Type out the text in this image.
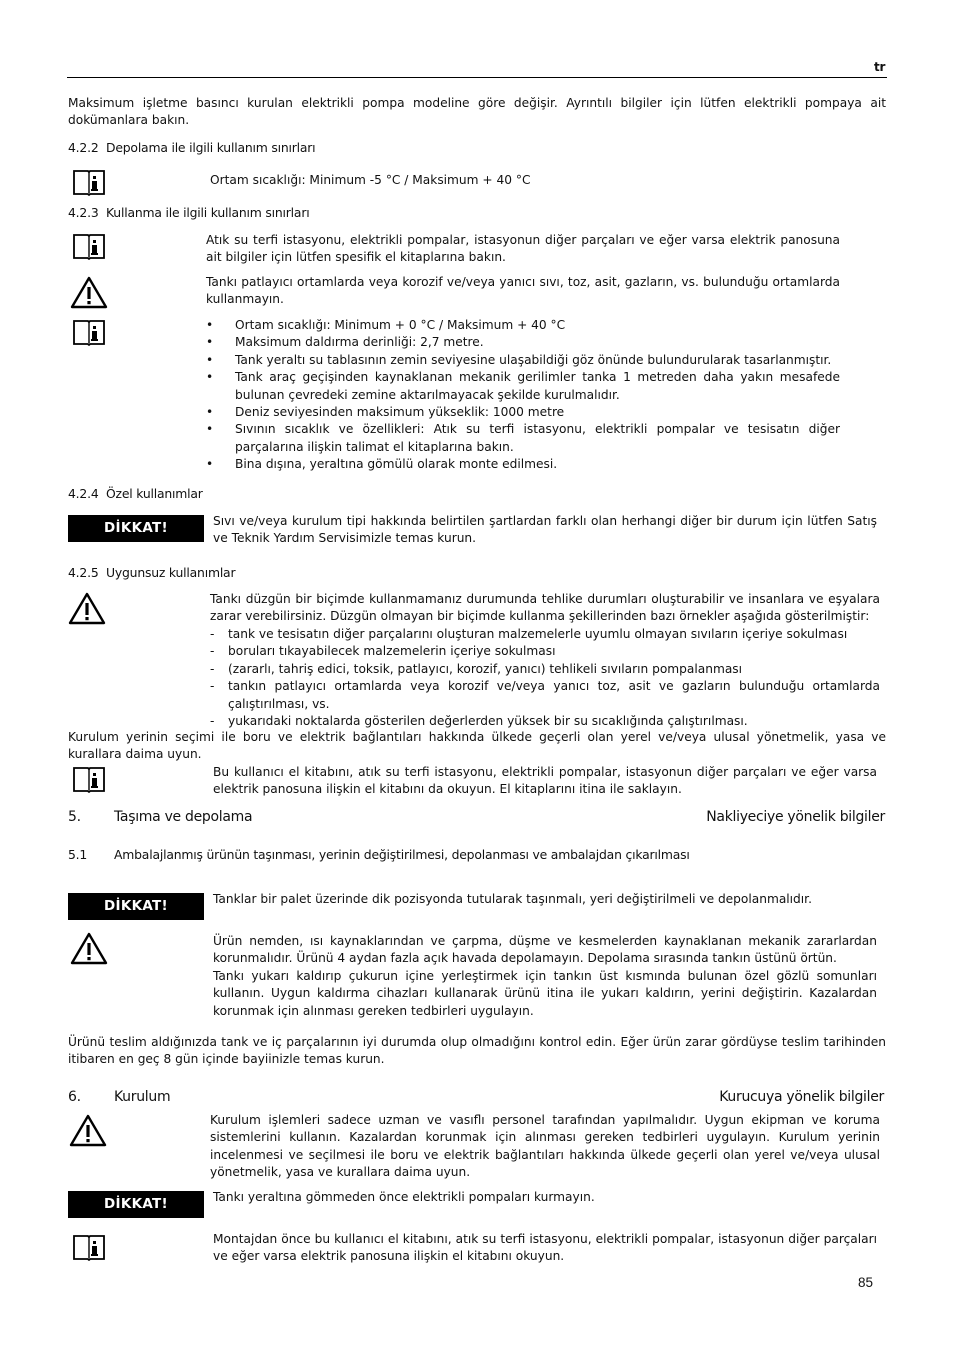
tr
Maksimum işletme basıncı kurulan elektrikli pompa modeline göre değişir. Ayrıntılı bilgiler için lütfen elektrikli pompaya ait dokümanlara bakın.
4.2.2  Depolama ile ilgili kullanım sınırları
Ortam sıcaklığı: Minimum -5 °C / Maksimum + 40 °C
4.2.3  Kullanma ile ilgili kullanım sınırları
Atık su terfi istasyonu, elektrikli pompalar, istasyonun diğer parçaları ve eğer varsa elektrik panosuna ait bilgiler için lütfen spesifik el kitaplarına bakın.
Tankı patlayıcı ortamlarda veya korozif ve/veya yanıcı sıvı, toz, asit, gazların, vs. bulunduğu ortamlarda kullanmayın.
• Ortam sıcaklığı: Minimum + 0 °C / Maksimum + 40 °C
• Maksimum daldırma derinliği: 2,7 metre.
• Tank yeraltı su tablasının zemin seviyesine ulaşabildiği göz önünde bulundurularak tasarlanmıştır.
• Tank araç geçişinden kaynaklanan mekanik gerilimler tanka 1 metreden daha yakın mesafede bulunan çevredeki zemine aktarılmayacak şekilde kurulmalıdır.
• Deniz seviyesinden maksimum yükseklik: 1000 metre
• Sıvının sıcaklık ve özellikleri: Atık su terfi istasyonu, elektrikli pompalar ve tesisatın diğer parçalarına ilişkin talimat el kitaplarına bakın.
• Bina dışına, yeraltına gömülü olarak monte edilmesi.
4.2.4  Özel kullanımlar
DİKKAT!	Sıvı ve/veya kurulum tipi hakkında belirtilen şartlardan farklı olan herhangi diğer bir durum için lütfen Satış ve Teknik Yardım Servisimizle temas kurun.
4.2.5  Uygunsuz kullanımlar
Tankı düzgün bir biçimde kullanmamanız durumunda tehlike durumları oluşturabilir ve insanlara ve eşyalara zarar verebilirsiniz. Düzgün olmayan bir biçimde kullanma şekillerinden bazı örnekler aşağıda gösterilmiştir:
- tank ve tesisatın diğer parçalarını oluşturan malzemelerle uyumlu olmayan sıvıların içeriye sokulması
- boruları tıkayabilecek malzemelerin içeriye sokulması
- (zararlı, tahriş edici, toksik, patlayıcı, korozif, yanıcı) tehlikeli sıvıların pompalanması
- tankın patlayıcı ortamlarda veya korozif ve/veya yanıcı toz, asit ve gazların bulunduğu ortamlarda çalıştırılması, vs.
- yukarıdaki noktalarda gösterilen değerlerden yüksek bir su sıcaklığında çalıştırılması.
Kurulum yerinin seçimi ile boru ve elektrik bağlantıları hakkında ülkede geçerli olan yerel ve/veya ulusal yönetmelik, yasa ve kurallara daima uyun.
Bu kullanıcı el kitabını, atık su terfi istasyonu, elektrikli pompalar, istasyonun diğer parçaları ve eğer varsa elektrik panosuna ilişkin el kitabını da okuyun. El kitaplarını itina ile saklayın.
5. Taşıma ve depolama	Nakliyeciye yönelik bilgiler
5.1 Ambalajlanmış ürünün taşınması, yerinin değiştirilmesi, depolanması ve ambalajdan çıkarılması
DİKKAT!	Tanklar bir palet üzerinde dik pozisyonda tutularak taşınmalı, yeri değiştirilmeli ve depolanmalıdır.
Ürün nemden, ısı kaynaklarından ve çarpma, düşme ve kesmelerden kaynaklanan mekanik zararlardan korunmalıdır. Ürünü 4 aydan fazla açık havada depolamayın. Depolama sırasında tankın üstünü örtün.
Tankı yukarı kaldırıp çukurun içine yerleştirmek için tankın üst kısmında bulunan özel gözlü somunları kullanın. Uygun kaldırma cihazları kullanarak ürünü itina ile yukarı kaldırın, yerini değiştirin. Kazalardan korunmak için alınması gereken tedbirleri uygulayın.
Ürünü teslim aldığınızda tank ve iç parçalarının iyi durumda olup olmadığını kontrol edin. Eğer ürün zarar gördüyse teslim tarihinden itibaren en geç 8 gün içinde bayiinizle temas kurun.
6. Kurulum	Kurucuya yönelik bilgiler
Kurulum işlemleri sadece uzman ve vasıflı personel tarafından yapılmalıdır. Uygun ekipman ve koruma sistemlerini kullanın. Kazalardan korunmak için alınması gereken tedbirleri uygulayın. Kurulum yerinin incelenmesi ve seçilmesi ile boru ve elektrik bağlantıları hakkında ülkede geçerli olan yerel ve/veya ulusal yönetmelik, yasa ve kurallara daima uyun.
DİKKAT!	Tankı yeraltına gömmeden önce elektrikli pompaları kurmayın.
Montajdan önce bu kullanıcı el kitabını, atık su terfi istasyonu, elektrikli pompalar, istasyonun diğer parçaları ve eğer varsa elektrik panosuna ilişkin el kitabını okuyun.
85
